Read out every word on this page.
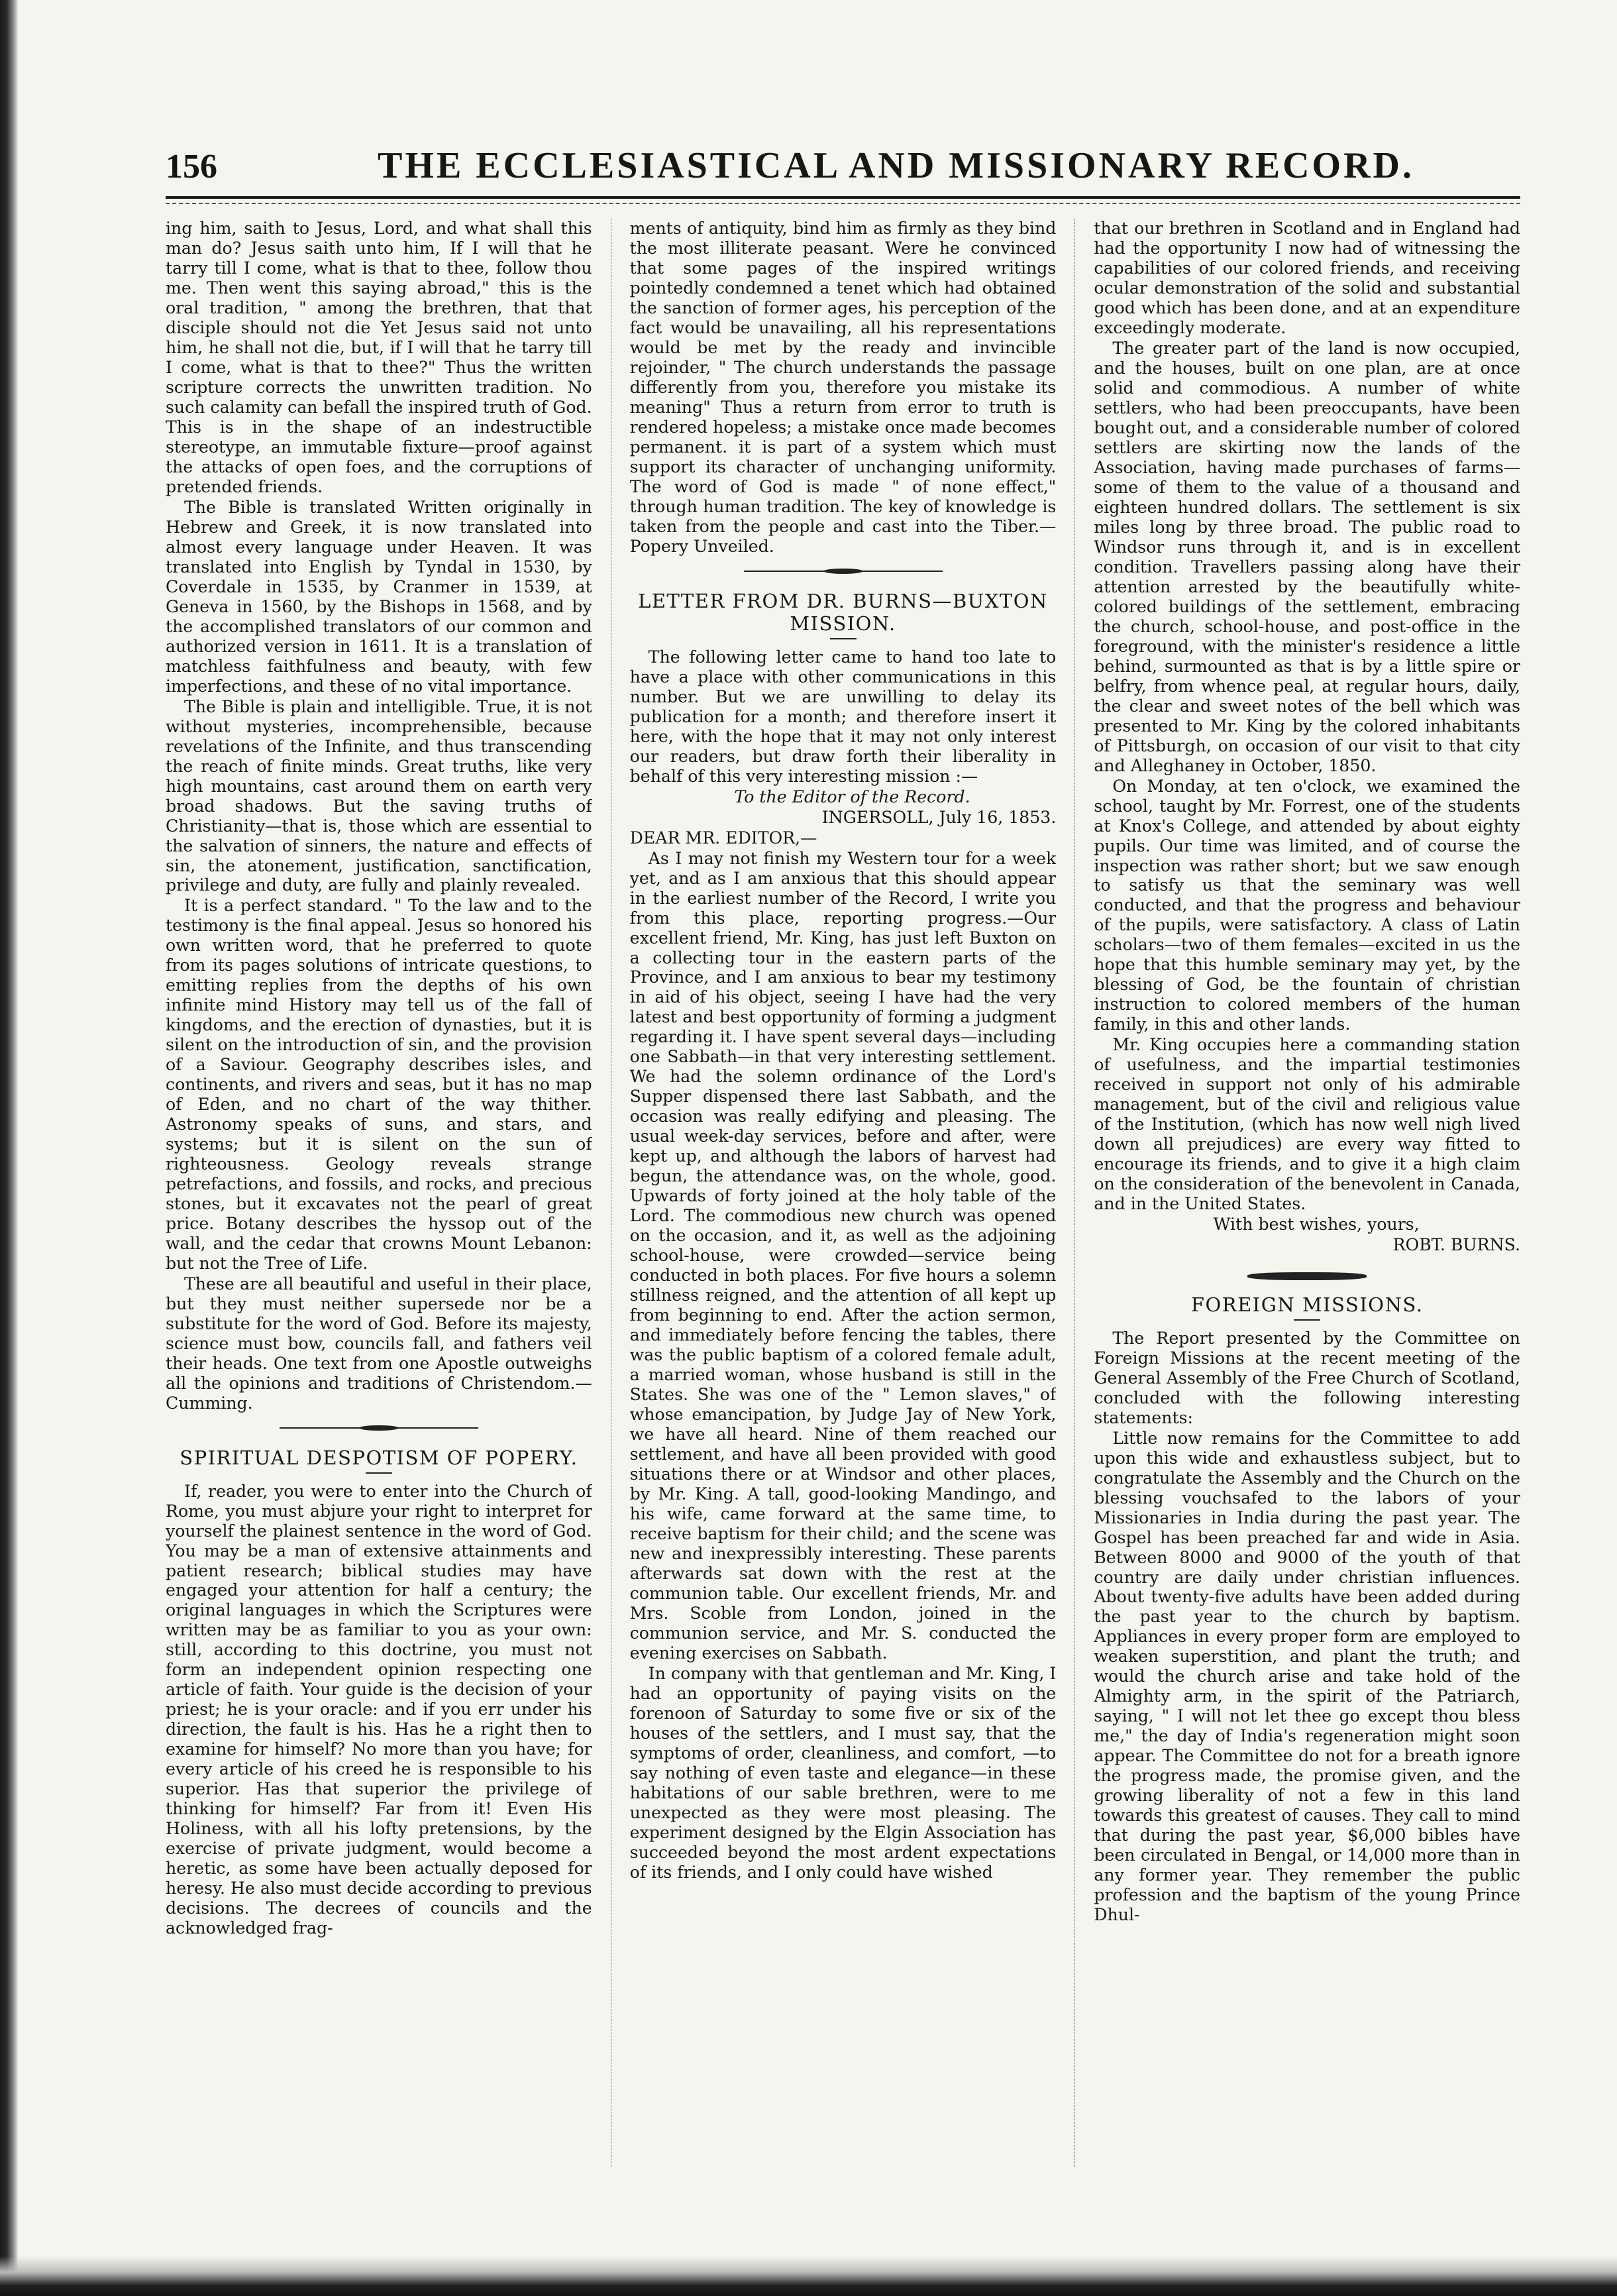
156	THE ECCLESIASTICAL AND MISSIONARY RECORD.

ing him, saith to Jesus, Lord, and what shall this man do? Jesus saith unto him, If I will that he tarry till I come, what is that to thee, follow thou me. Then went this saying abroad," this is the oral tradition, " among the brethren, that that disciple should not die Yet Jesus said not unto him, he shall not die, but, if I will that he tarry till I come, what is that to thee?" Thus the written scripture corrects the unwritten tradition. No such calamity can befall the inspired truth of God. This is in the shape of an indestructible stereotype, an immutable fixture—proof against the attacks of open foes, and the corruptions of pretended friends.

The Bible is translated Written originally in Hebrew and Greek, it is now translated into almost every language under Heaven. It was translated into English by Tyndal in 1530, by Coverdale in 1535, by Cranmer in 1539, at Geneva in 1560, by the Bishops in 1568, and by the accomplished translators of our common and authorized version in 1611. It is a translation of matchless faithfulness and beauty, with few imperfections, and these of no vital importance.

The Bible is plain and intelligible. True, it is not without mysteries, incomprehensible, because revelations of the Infinite, and thus transcending the reach of finite minds. Great truths, like very high mountains, cast around them on earth very broad shadows. But the saving truths of Christianity—that is, those which are essential to the salvation of sinners, the nature and effects of sin, the atonement, justification, sanctification, privilege and duty, are fully and plainly revealed.

It is a perfect standard. " To the law and to the testimony is the final appeal. Jesus so honored his own written word, that he preferred to quote from its pages solutions of intricate questions, to emitting replies from the depths of his own infinite mind History may tell us of the fall of kingdoms, and the erection of dynasties, but it is silent on the introduction of sin, and the provision of a Saviour. Geography describes isles, and continents, and rivers and seas, but it has no map of Eden, and no chart of the way thither. Astronomy speaks of suns, and stars, and systems; but it is silent on the sun of righteousness. Geology reveals strange petrefactions, and fossils, and rocks, and precious stones, but it excavates not the pearl of great price. Botany describes the hyssop out of the wall, and the cedar that crowns Mount Lebanon: but not the Tree of Life.

These are all beautiful and useful in their place, but they must neither supersede nor be a substitute for the word of God. Before its majesty, science must bow, councils fall, and fathers veil their heads. One text from one Apostle outweighs all the opinions and traditions of Christendom.—Cumming.

SPIRITUAL DESPOTISM OF POPERY.

If, reader, you were to enter into the Church of Rome, you must abjure your right to interpret for yourself the plainest sentence in the word of God. You may be a man of extensive attainments and patient research; biblical studies may have engaged your attention for half a century; the original languages in which the Scriptures were written may be as familiar to you as your own: still, according to this doctrine, you must not form an independent opinion respecting one article of faith. Your guide is the decision of your priest; he is your oracle: and if you err under his direction, the fault is his. Has he a right then to examine for himself? No more than you have; for every article of his creed he is responsible to his superior. Has that superior the privilege of thinking for himself? Far from it! Even His Holiness, with all his lofty pretensions, by the exercise of private judgment, would become a heretic, as some have been actually deposed for heresy. He also must decide according to previous decisions. The decrees of councils and the acknowledged frag-

ments of antiquity, bind him as firmly as they bind the most illiterate peasant. Were he convinced that some pages of the inspired writings pointedly condemned a tenet which had obtained the sanction of former ages, his perception of the fact would be unavailing, all his representations would be met by the ready and invincible rejoinder, " The church understands the passage differently from you, therefore you mistake its meaning" Thus a return from error to truth is rendered hopeless; a mistake once made becomes permanent. it is part of a system which must support its character of unchanging uniformity. The word of God is made " of none effect," through human tradition. The key of knowledge is taken from the people and cast into the Tiber.—Popery Unveiled.

LETTER FROM DR. BURNS—BUXTON MISSION.

The following letter came to hand too late to have a place with other communications in this number. But we are unwilling to delay its publication for a month; and therefore insert it here, with the hope that it may not only interest our readers, but draw forth their liberality in behalf of this very interesting mission :—

To the Editor of the Record.

INGERSOLL, July 16, 1853.

DEAR MR. EDITOR,—

As I may not finish my Western tour for a week yet, and as I am anxious that this should appear in the earliest number of the Record, I write you from this place, reporting progress.—Our excellent friend, Mr. King, has just left Buxton on a collecting tour in the eastern parts of the Province, and I am anxious to bear my testimony in aid of his object, seeing I have had the very latest and best opportunity of forming a judgment regarding it. I have spent several days—including one Sabbath—in that very interesting settlement. We had the solemn ordinance of the Lord's Supper dispensed there last Sabbath, and the occasion was really edifying and pleasing. The usual week-day services, before and after, were kept up, and although the labors of harvest had begun, the attendance was, on the whole, good. Upwards of forty joined at the holy table of the Lord. The commodious new church was opened on the occasion, and it, as well as the adjoining school-house, were crowded—service being conducted in both places. For five hours a solemn stillness reigned, and the attention of all kept up from beginning to end. After the action sermon, and immediately before fencing the tables, there was the public baptism of a colored female adult, a married woman, whose husband is still in the States. She was one of the " Lemon slaves," of whose emancipation, by Judge Jay of New York, we have all heard. Nine of them reached our settlement, and have all been provided with good situations there or at Windsor and other places, by Mr. King. A tall, good-looking Mandingo, and his wife, came forward at the same time, to receive baptism for their child; and the scene was new and inexpressibly interesting. These parents afterwards sat down with the rest at the communion table. Our excellent friends, Mr. and Mrs. Scoble from London, joined in the communion service, and Mr. S. conducted the evening exercises on Sabbath.

In company with that gentleman and Mr. King, I had an opportunity of paying visits on the forenoon of Saturday to some five or six of the houses of the settlers, and I must say, that the symptoms of order, cleanliness, and comfort, —to say nothing of even taste and elegance—in these habitations of our sable brethren, were to me unexpected as they were most pleasing. The experiment designed by the Elgin Association has succeeded beyond the most ardent expectations of its friends, and I only could have wished

that our brethren in Scotland and in England had had the opportunity I now had of witnessing the capabilities of our colored friends, and receiving ocular demonstration of the solid and substantial good which has been done, and at an expenditure exceedingly moderate.

The greater part of the land is now occupied, and the houses, built on one plan, are at once solid and commodious. A number of white settlers, who had been preoccupants, have been bought out, and a considerable number of colored settlers are skirting now the lands of the Association, having made purchases of farms—some of them to the value of a thousand and eighteen hundred dollars. The settlement is six miles long by three broad. The public road to Windsor runs through it, and is in excellent condition. Travellers passing along have their attention arrested by the beautifully white-colored buildings of the settlement, embracing the church, school-house, and post-office in the foreground, with the minister's residence a little behind, surmounted as that is by a little spire or belfry, from whence peal, at regular hours, daily, the clear and sweet notes of the bell which was presented to Mr. King by the colored inhabitants of Pittsburgh, on occasion of our visit to that city and Alleghaney in October, 1850.

On Monday, at ten o'clock, we examined the school, taught by Mr. Forrest, one of the students at Knox's College, and attended by about eighty pupils. Our time was limited, and of course the inspection was rather short; but we saw enough to satisfy us that the seminary was well conducted, and that the progress and behaviour of the pupils, were satisfactory. A class of Latin scholars—two of them females—excited in us the hope that this humble seminary may yet, by the blessing of God, be the fountain of christian instruction to colored members of the human family, in this and other lands.

Mr. King occupies here a commanding station of usefulness, and the impartial testimonies received in support not only of his admirable management, but of the civil and religious value of the Institution, (which has now well nigh lived down all prejudices) are every way fitted to encourage its friends, and to give it a high claim on the consideration of the benevolent in Canada, and in the United States.

With best wishes, yours,

ROBT. BURNS.

FOREIGN MISSIONS.

The Report presented by the Committee on Foreign Missions at the recent meeting of the General Assembly of the Free Church of Scotland, concluded with the following interesting statements:

Little now remains for the Committee to add upon this wide and exhaustless subject, but to congratulate the Assembly and the Church on the blessing vouchsafed to the labors of your Missionaries in India during the past year. The Gospel has been preached far and wide in Asia. Between 8000 and 9000 of the youth of that country are daily under christian influences. About twenty-five adults have been added during the past year to the church by baptism. Appliances in every proper form are employed to weaken superstition, and plant the truth; and would the church arise and take hold of the Almighty arm, in the spirit of the Patriarch, saying, " I will not let thee go except thou bless me," the day of India's regeneration might soon appear. The Committee do not for a breath ignore the progress made, the promise given, and the growing liberality of not a few in this land towards this greatest of causes. They call to mind that during the past year, $6,000 bibles have been circulated in Bengal, or 14,000 more than in any former year. They remember the public profession and the baptism of the young Prince Dhul-
